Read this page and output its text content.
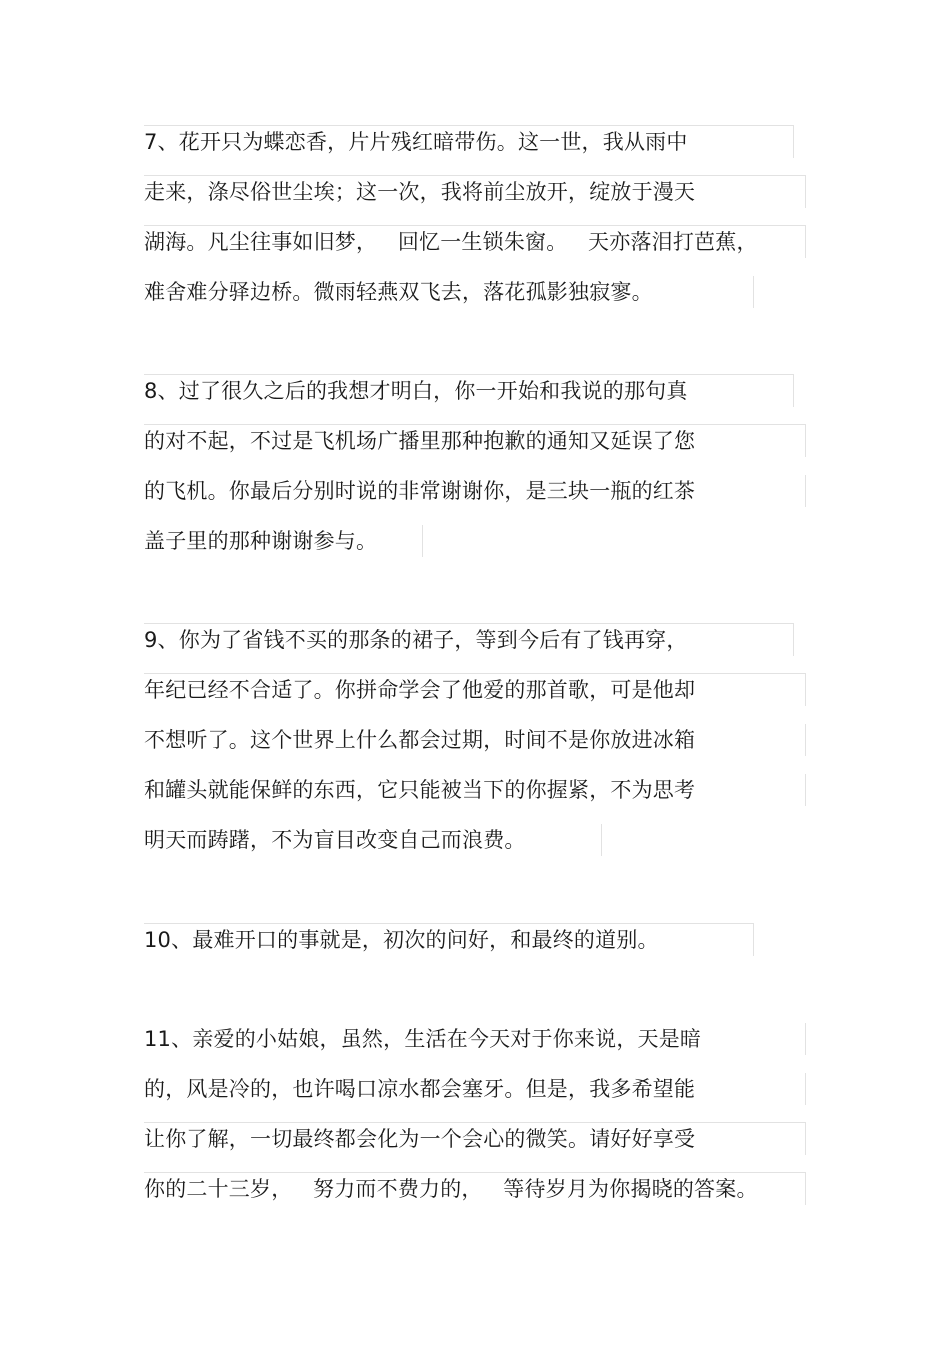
7、花开只为蝶恋香，片片残红暗带伤。这一世，我从雨中
走来，涤尽俗世尘埃；这一次，我将前尘放开，绽放于漫天
湖海。凡尘往事如旧梦，   回忆一生锁朱窗。   天亦落泪打芭蕉，
难舍难分驿边桥。微雨轻燕双飞去，落花孤影独寂寥。
8、过了很久之后的我想才明白，你一开始和我说的那句真
的对不起，不过是飞机场广播里那种抱歉的通知又延误了您
的飞机。你最后分别时说的非常谢谢你，是三块一瓶的红茶
盖子里的那种谢谢参与。
9、你为了省钱不买的那条的裙子，等到今后有了钱再穿，
年纪已经不合适了。你拼命学会了他爱的那首歌，可是他却
不想听了。这个世界上什么都会过期，时间不是你放进冰箱
和罐头就能保鲜的东西，它只能被当下的你握紧，不为思考
明天而踌躇，不为盲目改变自己而浪费。
10、最难开口的事就是，初次的问好，和最终的道别。
11、亲爱的小姑娘，虽然，生活在今天对于你来说，天是暗
的，风是冷的，也许喝口凉水都会塞牙。但是，我多希望能
让你了解，一切最终都会化为一个会心的微笑。请好好享受
你的二十三岁，   努力而不费力的，   等待岁月为你揭晓的答案。
